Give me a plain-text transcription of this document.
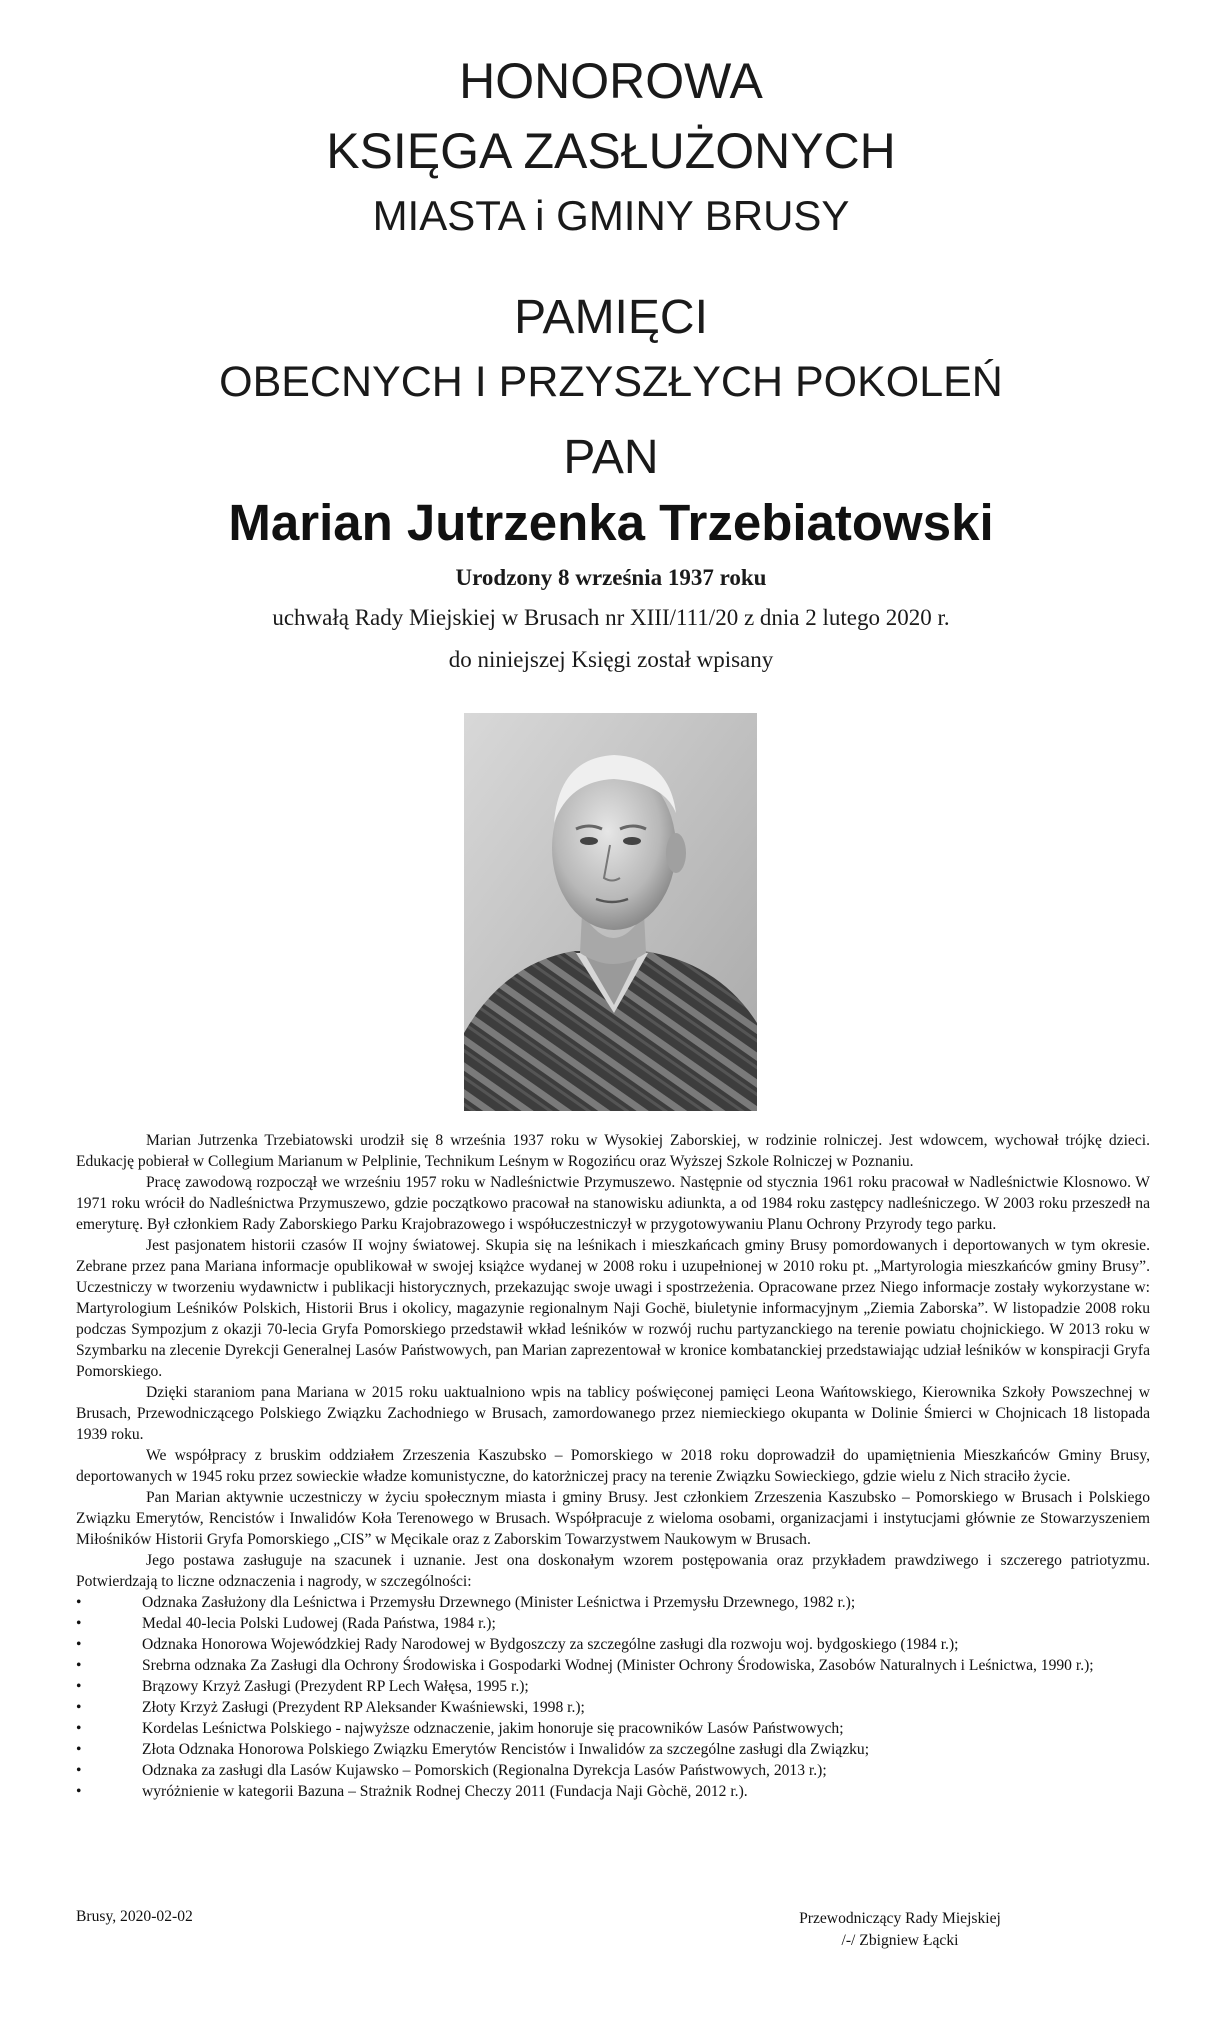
HONOROWA
KSIĘGA ZASŁUŻONYCH
MIASTA i GMINY BRUSY
PAMIĘCI
OBECNYCH I PRZYSZŁYCH POKOLEŃ
PAN
Marian Jutrzenka Trzebiatowski
Urodzony 8 września 1937 roku
uchwałą Rady Miejskiej w Brusach nr XIII/111/20 z dnia 2 lutego 2020 r.
do niniejszej Księgi został wpisany

Marian Jutrzenka Trzebiatowski urodził się 8 września 1937 roku w Wysokiej Zaborskiej, w rodzinie rolniczej. Jest wdowcem, wychował trójkę dzieci. Edukację pobierał w Collegium Marianum w Pelplinie, Technikum Leśnym w Rogozińcu oraz Wyższej Szkole Rolniczej w Poznaniu.

Pracę zawodową rozpoczął we wrześniu 1957 roku w Nadleśnictwie Przymuszewo. Następnie od stycznia 1961 roku pracował w Nadleśnictwie Klosnowo. W 1971 roku wrócił do Nadleśnictwa Przymuszewo, gdzie początkowo pracował na stanowisku adiunkta, a od 1984 roku zastępcy nadleśniczego. W 2003 roku przeszedł na emeryturę. Był członkiem Rady Zaborskiego Parku Krajobrazowego i współuczestniczył w przygotowywaniu Planu Ochrony Przyrody tego parku.

Jest pasjonatem historii czasów II wojny światowej. Skupia się na leśnikach i mieszkańcach gminy Brusy pomordowanych i deportowanych w tym okresie. Zebrane przez pana Mariana informacje opublikował w swojej książce wydanej w 2008 roku i uzupełnionej w 2010 roku pt. „Martyrologia mieszkańców gminy Brusy”. Uczestniczy w tworzeniu wydawnictw i publikacji historycznych, przekazując swoje uwagi i spostrzeżenia. Opracowane przez Niego informacje zostały wykorzystane w: Martyrologium Leśników Polskich, Historii Brus i okolicy, magazynie regionalnym Naji Gochë, biuletynie informacyjnym „Ziemia Zaborska”. W listopadzie 2008 roku podczas Sympozjum z okazji 70-lecia Gryfa Pomorskiego przedstawił wkład leśników w rozwój ruchu partyzanckiego na terenie powiatu chojnickiego. W 2013 roku w Szymbarku na zlecenie Dyrekcji Generalnej Lasów Państwowych, pan Marian zaprezentował w kronice kombatanckiej przedstawiając udział leśników w konspiracji Gryfa Pomorskiego.

Dzięki staraniom pana Mariana w 2015 roku uaktualniono wpis na tablicy poświęconej pamięci Leona Wańtowskiego, Kierownika Szkoły Powszechnej w Brusach, Przewodniczącego Polskiego Związku Zachodniego w Brusach, zamordowanego przez niemieckiego okupanta w Dolinie Śmierci w Chojnicach 18 listopada 1939 roku.

We współpracy z bruskim oddziałem Zrzeszenia Kaszubsko – Pomorskiego w 2018 roku doprowadził do upamiętnienia Mieszkańców Gminy Brusy, deportowanych w 1945 roku przez sowieckie władze komunistyczne, do katorżniczej pracy na terenie Związku Sowieckiego, gdzie wielu z Nich straciło życie.

Pan Marian aktywnie uczestniczy w życiu społecznym miasta i gminy Brusy. Jest członkiem Zrzeszenia Kaszubsko – Pomorskiego w Brusach i Polskiego Związku Emerytów, Rencistów i Inwalidów Koła Terenowego w Brusach. Współpracuje z wieloma osobami, organizacjami i instytucjami głównie ze Stowarzyszeniem Miłośników Historii Gryfa Pomorskiego „CIS” w Męcikale oraz z Zaborskim Towarzystwem Naukowym w Brusach.

Jego postawa zasługuje na szacunek i uznanie. Jest ona doskonałym wzorem postępowania oraz przykładem prawdziwego i szczerego patriotyzmu. Potwierdzają to liczne odznaczenia i nagrody, w szczególności:

• Odznaka Zasłużony dla Leśnictwa i Przemysłu Drzewnego (Minister Leśnictwa i Przemysłu Drzewnego, 1982 r.);
• Medal 40-lecia Polski Ludowej (Rada Państwa, 1984 r.);
• Odznaka Honorowa Wojewódzkiej Rady Narodowej w Bydgoszczy za szczególne zasługi dla rozwoju woj. bydgoskiego (1984 r.);
• Srebrna odznaka Za Zasługi dla Ochrony Środowiska i Gospodarki Wodnej (Minister Ochrony Środowiska, Zasobów Naturalnych i Leśnictwa, 1990 r.);
• Brązowy Krzyż Zasługi (Prezydent RP Lech Wałęsa, 1995 r.);
• Złoty Krzyż Zasługi (Prezydent RP Aleksander Kwaśniewski, 1998 r.);
• Kordelas Leśnictwa Polskiego - najwyższe odznaczenie, jakim honoruje się pracowników Lasów Państwowych;
• Złota Odznaka Honorowa Polskiego Związku Emerytów Rencistów i Inwalidów za szczególne zasługi dla Związku;
• Odznaka za zasługi dla Lasów Kujawsko – Pomorskich (Regionalna Dyrekcja Lasów Państwowych, 2013 r.);
• wyróżnienie w kategorii Bazuna – Strażnik Rodnej Checzy 2011 (Fundacja Naji Gòchë, 2012 r.).
Brusy, 2020-02-02	Przewodniczący Rady Miejskiej
/-/ Zbigniew Łącki
